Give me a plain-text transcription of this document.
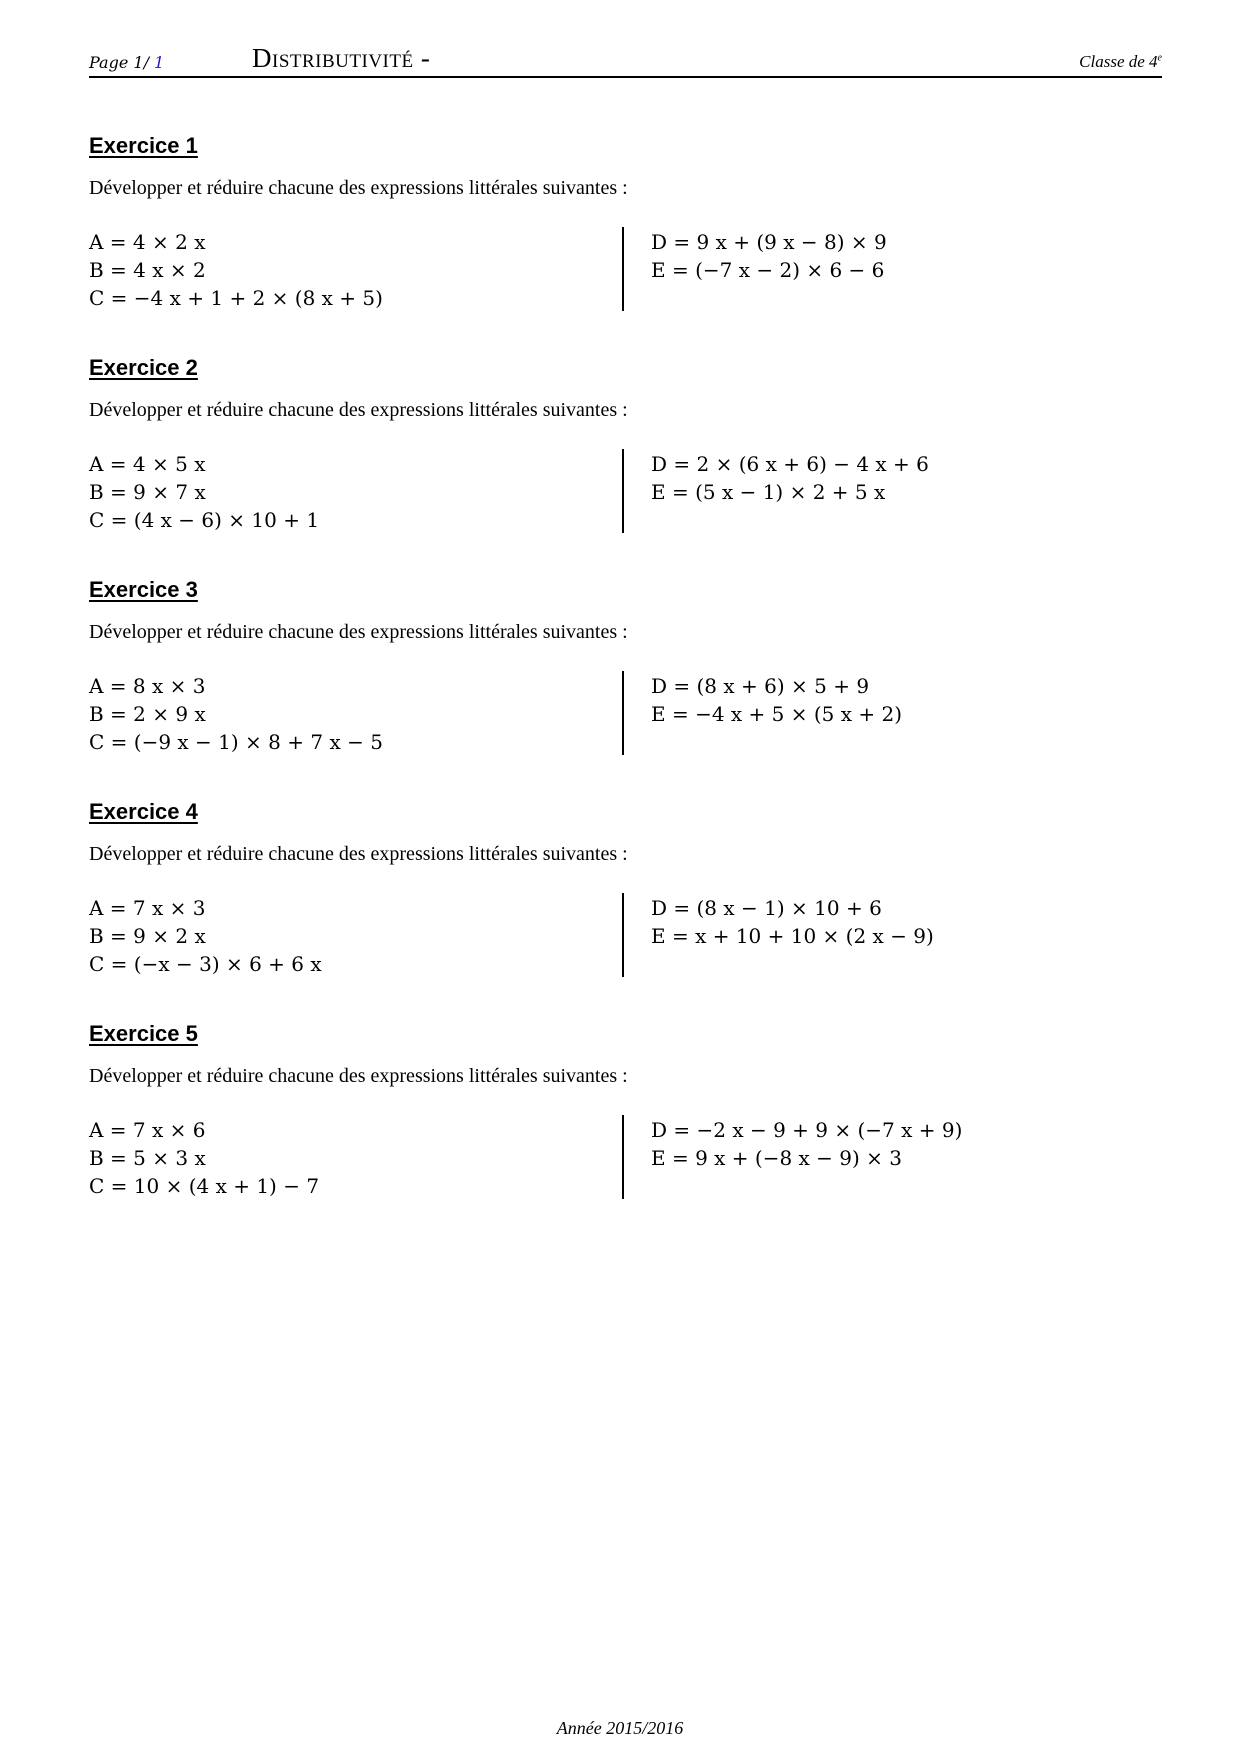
Page 1/ 1	Distributivité -	Classe de 4e
Exercice 1
Développer et réduire chacune des expressions littérales suivantes :
A = 4 × 2 x
B = 4 x × 2
C = −4 x + 1 + 2 × (8 x + 5)
D = 9 x + (9 x − 8) × 9
E = (−7 x − 2) × 6 − 6
Exercice 2
Développer et réduire chacune des expressions littérales suivantes :
A = 4 × 5 x
B = 9 × 7 x
C = (4 x − 6) × 10 + 1
D = 2 × (6 x + 6) − 4 x + 6
E = (5 x − 1) × 2 + 5 x
Exercice 3
Développer et réduire chacune des expressions littérales suivantes :
A = 8 x × 3
B = 2 × 9 x
C = (−9 x − 1) × 8 + 7 x − 5
D = (8 x + 6) × 5 + 9
E = −4 x + 5 × (5 x + 2)
Exercice 4
Développer et réduire chacune des expressions littérales suivantes :
A = 7 x × 3
B = 9 × 2 x
C = (−x − 3) × 6 + 6 x
D = (8 x − 1) × 10 + 6
E = x + 10 + 10 × (2 x − 9)
Exercice 5
Développer et réduire chacune des expressions littérales suivantes :
A = 7 x × 6
B = 5 × 3 x
C = 10 × (4 x + 1) − 7
D = −2 x − 9 + 9 × (−7 x + 9)
E = 9 x + (−8 x − 9) × 3
Année 2015/2016
